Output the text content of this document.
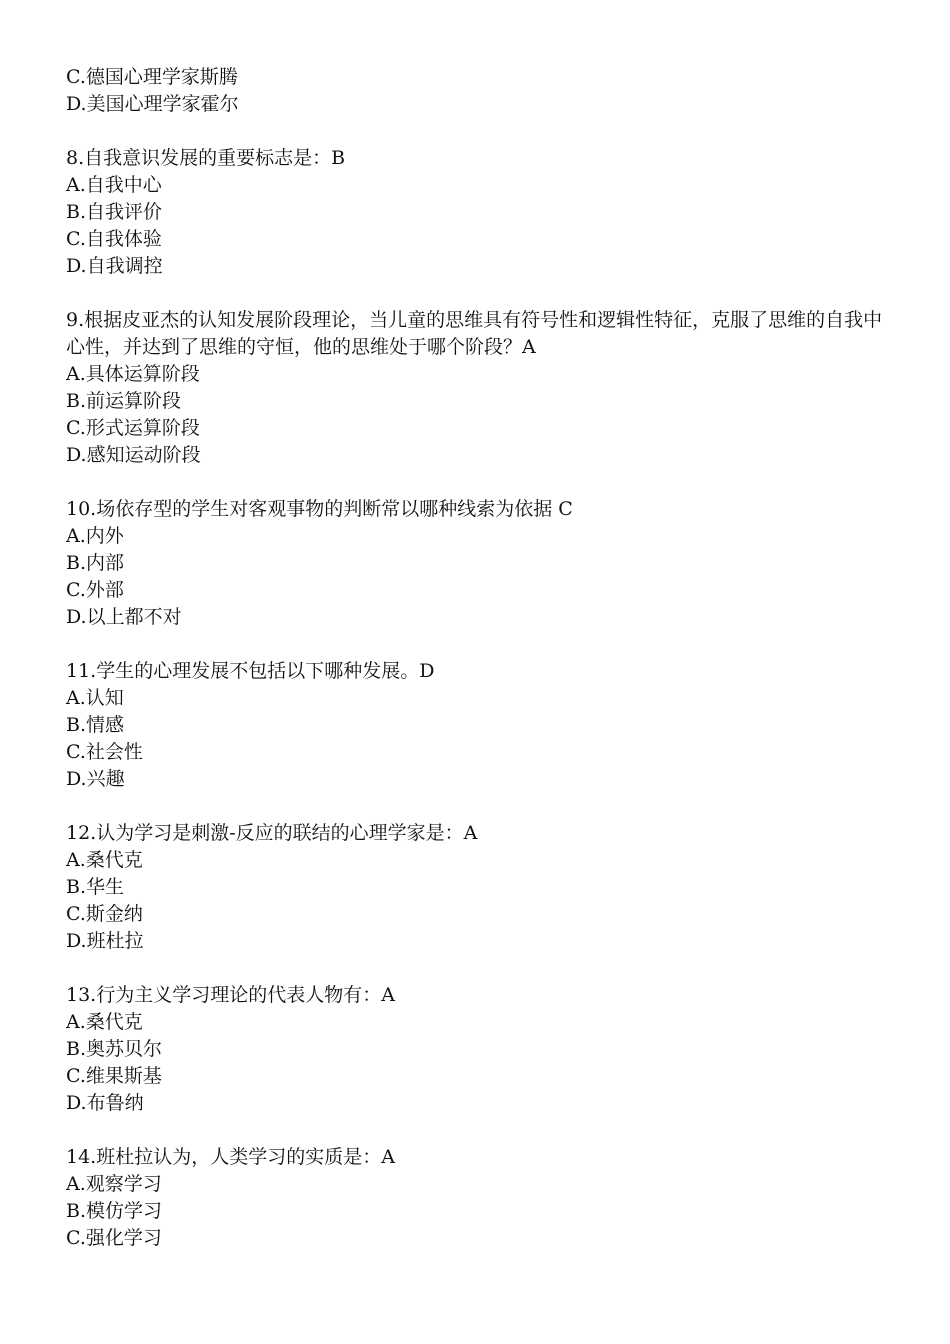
C.德国心理学家斯腾
D.美国心理学家霍尔
8.自我意识发展的重要标志是：B
A.自我中心
B.自我评价
C.自我体验
D.自我调控
9.根据皮亚杰的认知发展阶段理论，当儿童的思维具有符号性和逻辑性特征，克服了思维的自我中心性，并达到了思维的守恒，他的思维处于哪个阶段？A
A.具体运算阶段
B.前运算阶段
C.形式运算阶段
D.感知运动阶段
10.场依存型的学生对客观事物的判断常以哪种线索为依据 C
A.内外
B.内部
C.外部
D.以上都不对
11.学生的心理发展不包括以下哪种发展。D
A.认知
B.情感
C.社会性
D.兴趣
12.认为学习是刺激-反应的联结的心理学家是：A
A.桑代克
B.华生
C.斯金纳
D.班杜拉
13.行为主义学习理论的代表人物有：A
A.桑代克
B.奥苏贝尔
C.维果斯基
D.布鲁纳
14.班杜拉认为，人类学习的实质是：A
A.观察学习
B.模仿学习
C.强化学习
